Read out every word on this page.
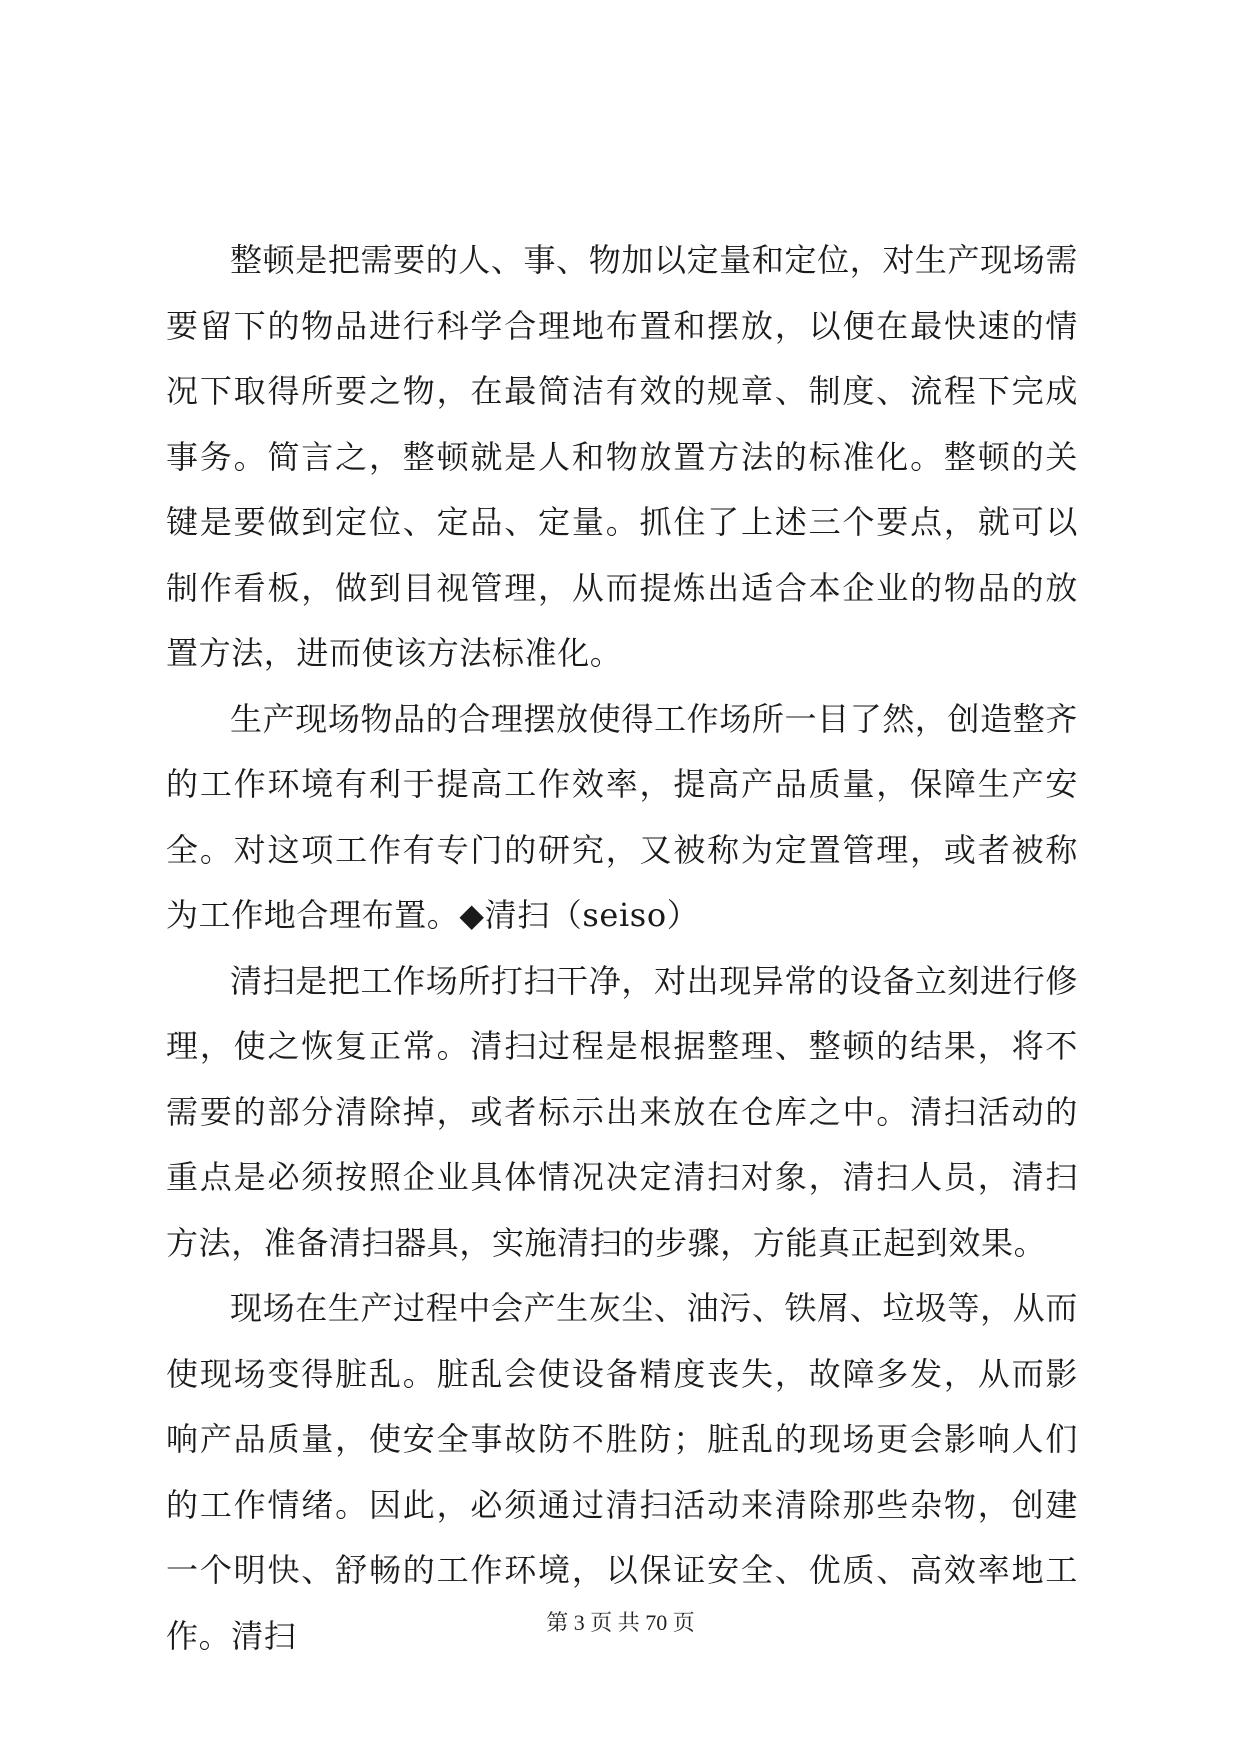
整顿是把需要的人、事、物加以定量和定位，对生产现场需要留下的物品进行科学合理地布置和摆放，以便在最快速的情况下取得所要之物，在最简洁有效的规章、制度、流程下完成事务。简言之，整顿就是人和物放置方法的标准化。整顿的关键是要做到定位、定品、定量。抓住了上述三个要点，就可以制作看板，做到目视管理，从而提炼出适合本企业的物品的放置方法，进而使该方法标准化。

生产现场物品的合理摆放使得工作场所一目了然，创造整齐的工作环境有利于提高工作效率，提高产品质量，保障生产安全。对这项工作有专门的研究，又被称为定置管理，或者被称为工作地合理布置。◆清扫（seiso）

清扫是把工作场所打扫干净，对出现异常的设备立刻进行修理，使之恢复正常。清扫过程是根据整理、整顿的结果，将不需要的部分清除掉，或者标示出来放在仓库之中。清扫活动的重点是必须按照企业具体情况决定清扫对象，清扫人员，清扫方法，准备清扫器具，实施清扫的步骤，方能真正起到效果。

现场在生产过程中会产生灰尘、油污、铁屑、垃圾等，从而使现场变得脏乱。脏乱会使设备精度丧失，故障多发，从而影响产品质量，使安全事故防不胜防；脏乱的现场更会影响人们的工作情绪。因此，必须通过清扫活动来清除那些杂物，创建一个明快、舒畅的工作环境，以保证安全、优质、高效率地工作。清扫	第 3 页 共 70 页
